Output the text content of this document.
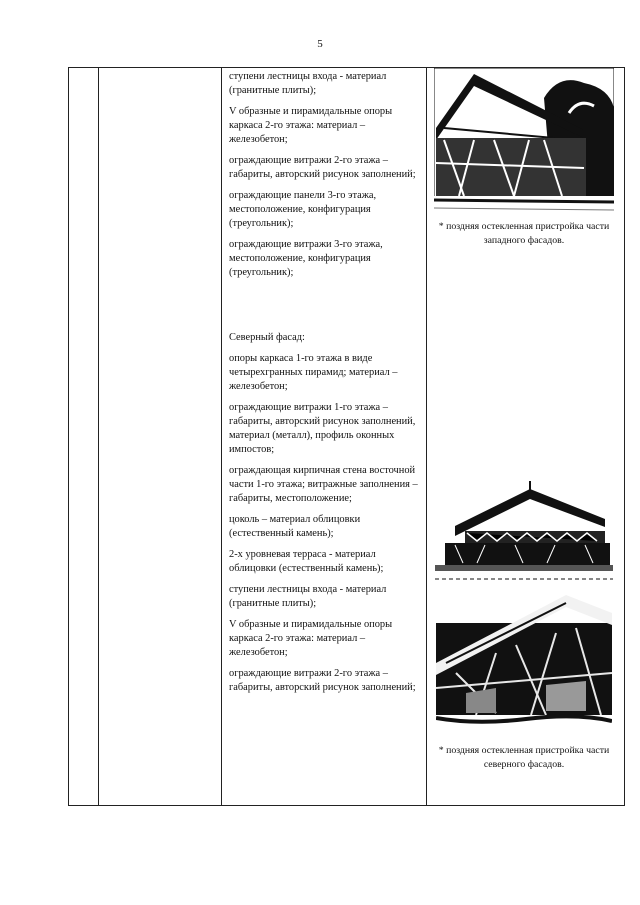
5

ступени лестницы входа - материал (гранитные плиты);

V образные и пирамидальные опоры каркаса 2-го этажа: материал – железобетон;

ограждающие витражи 2-го этажа – габариты, авторский рисунок заполнений;

ограждающие панели 3-го этажа, местоположение, конфигурация (треугольник);

ограждающие витражи 3-го этажа, местоположение, конфигурация (треугольник);

Северный фасад:

опоры каркаса 1-го этажа в виде четырехгранных пирамид; материал – железобетон;

ограждающие витражи 1-го этажа – габариты, авторский рисунок заполнений, материал (металл), профиль оконных импостов;

ограждающая кирпичная стена восточной части 1-го этажа; витражные заполнения – габариты, местоположение;

цоколь – материал облицовки (естественный камень);

2-х уровневая терраса - материал облицовки (естественный камень);

ступени лестницы входа - материал (гранитные плиты);

V образные и пирамидальные опоры каркаса 2-го этажа: материал – железобетон;

ограждающие витражи 2-го этажа – габариты, авторский рисунок заполнений;

* поздняя остекленная пристройка части западного фасадов.
* поздняя остекленная пристройка части северного фасадов.
